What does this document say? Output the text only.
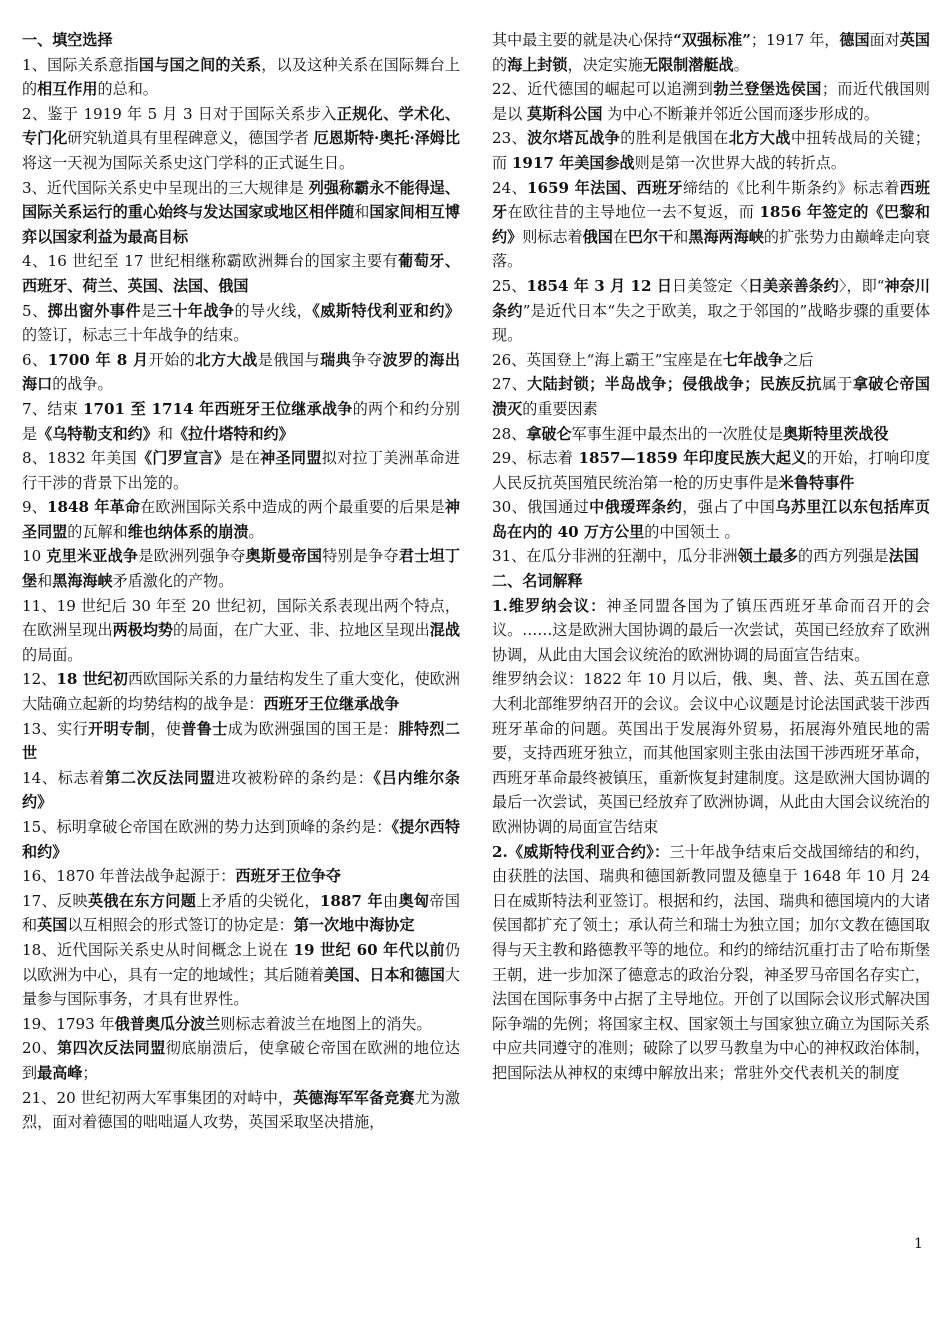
一、填空选择

1、国际关系意指国与国之间的关系，以及这种关系在国际舞台上的相互作用的总和。

2、鉴于 1919 年 5 月 3 日对于国际关系步入正规化、学术化、专门化研究轨道具有里程碑意义，德国学者 厄恩斯特·奥托·泽姆比 将这一天视为国际关系史这门学科的正式诞生日。

3、近代国际关系史中呈现出的三大规律是 列强称霸永不能得逞、国际关系运行的重心始终与发达国家或地区相伴随和国家间相互博弈以国家利益为最高目标

4、16 世纪至 17 世纪相继称霸欧洲舞台的国家主要有葡萄牙、西班牙、荷兰、英国、法国、俄国

5、掷出窗外事件是三十年战争的导火线，《威斯特伐利亚和约》的签订，标志三十年战争的结束。

6、1700 年 8 月开始的北方大战是俄国与瑞典争夺波罗的海出海口的战争。

7、结束 1701 至 1714 年西班牙王位继承战争的两个和约分别是《乌特勒支和约》和《拉什塔特和约》

8、1832 年美国《门罗宣言》是在神圣同盟拟对拉丁美洲革命进行干涉的背景下出笼的。

9、1848 年革命在欧洲国际关系中造成的两个最重要的后果是神圣同盟的瓦解和维也纳体系的崩溃。

10 克里米亚战争是欧洲列强争夺奥斯曼帝国特别是争夺君士坦丁堡和黑海海峡矛盾激化的产物。

11、19 世纪后 30 年至 20 世纪初，国际关系表现出两个特点，在欧洲呈现出两极均势的局面，在广大亚、非、拉地区呈现出混战的局面。

12、18 世纪初西欧国际关系的力量结构发生了重大变化，使欧洲大陆确立起新的均势结构的战争是：西班牙王位继承战争

13、实行开明专制，使普鲁士成为欧洲强国的国王是：腓特烈二世

14、标志着第二次反法同盟进攻被粉碎的条约是：《吕内维尔条约》

15、标明拿破仑帝国在欧洲的势力达到顶峰的条约是：《提尔西特和约》

16、1870 年普法战争起源于：西班牙王位争夺

17、反映英俄在东方问题上矛盾的尖锐化，1887 年由奥匈帝国和英国以互相照会的形式签订的协定是：第一次地中海协定

18、近代国际关系史从时间概念上说在 19 世纪 60 年代以前仍以欧洲为中心，具有一定的地域性；其后随着美国、日本和德国大量参与国际事务，才具有世界性。

19、1793 年俄普奥瓜分波兰则标志着波兰在地图上的消失。

20、第四次反法同盟彻底崩溃后，使拿破仑帝国在欧洲的地位达到最高峰；

21、20 世纪初两大军事集团的对峙中，英德海军军备竞赛尤为激烈，面对着德国的咄咄逼人攻势，英国采取坚决措施，

其中最主要的就是决心保持“双强标准”；1917 年，德国面对英国的海上封锁，决定实施无限制潜艇战。

22、近代德国的崛起可以追溯到勃兰登堡选侯国；而近代俄国则是以 莫斯科公国 为中心不断兼并邻近公国而逐步形成的。

23、波尔塔瓦战争的胜利是俄国在北方大战中扭转战局的关键；而 1917 年美国参战则是第一次世界大战的转折点。

24、1659 年法国、西班牙缔结的《比利牛斯条约》标志着西班牙在欧往昔的主导地位一去不复返，而 1856 年签定的《巴黎和约》则标志着俄国在巴尔干和黑海两海峡的扩张势力由巅峰走向衰落。

25、1854 年 3 月 12 日日美签定〈日美亲善条约〉，即“神奈川条约”是近代日本“失之于欧美，取之于邻国的”战略步骤的重要体现。

26、英国登上“海上霸王”宝座是在七年战争之后

27、大陆封锁；半岛战争；侵俄战争；民族反抗属于拿破仑帝国溃灭的重要因素

28、拿破仑军事生涯中最杰出的一次胜仗是奥斯特里茨战役

29、标志着 1857—1859 年印度民族大起义的开始，打响印度人民反抗英国殖民统治第一枪的历史事件是米鲁特事件

30、俄国通过中俄瑷珲条约，强占了中国乌苏里江以东包括库页岛在内的 40 万方公里的中国领土 。

31、在瓜分非洲的狂潮中，瓜分非洲领土最多的西方列强是法国

二、名词解释

1.维罗纳会议：神圣同盟各国为了镇压西班牙革命而召开的会议。……这是欧洲大国协调的最后一次尝试，英国已经放弃了欧洲协调，从此由大国会议统治的欧洲协调的局面宣告结束。

维罗纳会议：1822 年 10 月以后，俄、奥、普、法、英五国在意大利北部维罗纳召开的会议。会议中心议题是讨论法国武装干涉西班牙革命的问题。英国出于发展海外贸易，拓展海外殖民地的需要，支持西班牙独立，而其他国家则主张由法国干涉西班牙革命，西班牙革命最终被镇压，重新恢复封建制度。这是欧洲大国协调的最后一次尝试，英国已经放弃了欧洲协调，从此由大国会议统治的欧洲协调的局面宣告结束

2.《威斯特伐利亚合约》：三十年战争结束后交战国缔结的和约，由获胜的法国、瑞典和德国新教同盟及德皇于 1648 年 10 月 24 日在威斯特法利亚签订。根据和约，法国、瑞典和德国境内的大诸侯国都扩充了领土；承认荷兰和瑞士为独立国；加尔文教在德国取得与天主教和路德教平等的地位。和约的缔结沉重打击了哈布斯堡王朝，进一步加深了德意志的政治分裂，神圣罗马帝国名存实亡，法国在国际事务中占据了主导地位。开创了以国际会议形式解决国际争端的先例；将国家主权、国家领土与国家独立确立为国际关系中应共同遵守的准则；破除了以罗马教皇为中心的神权政治体制，把国际法从神权的束缚中解放出来；常驻外交代表机关的制度

1
